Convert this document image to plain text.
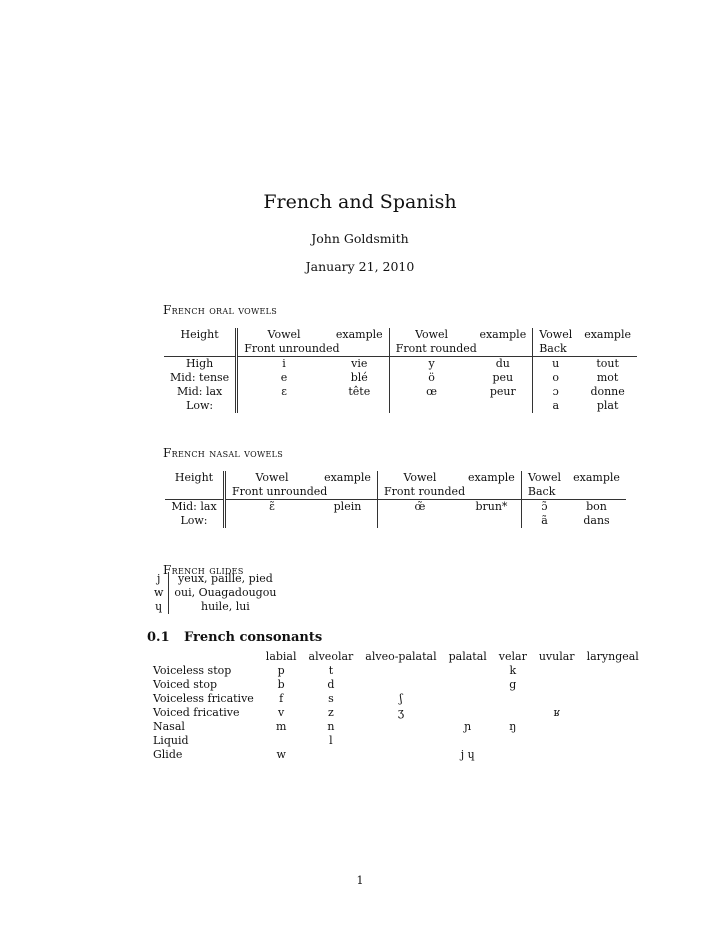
French and Spanish
John Goldsmith
January 21, 2010
French oral vowels
Height	Vowel	example	Vowel	example	Vowel	example
	Front unrounded		Front rounded		Back	
High	i	vie	y	du	u	tout
Mid: tense	e	blé	ö	peu	o	mot
Mid: lax	ɛ	tête	œ	peur	ɔ	donne
Low:					a	plat
French nasal vowels
Height	Vowel	example	Vowel	example	Vowel	example
	Front unrounded		Front rounded		Back	
Mid: lax	ɛ̃	plein	œ̃	brun*	ɔ̃	bon
Low:					ã	dans
French glides
j	yeux, paille, pied
w	oui, Ouagadougou
ɥ	huile, lui
0.1 French consonants
	labial	alveolar	alveo-palatal	palatal	velar	uvular	laryngeal
Voiceless stop	p	t			k		
Voiced stop	b	d			g		
Voiceless fricative	f	s	ʃ				
Voiced fricative	v	z	ʒ			ʁ	
Nasal	m	n		ɲ	ŋ		
Liquid		l					
Glide	w			j ɥ			
1
